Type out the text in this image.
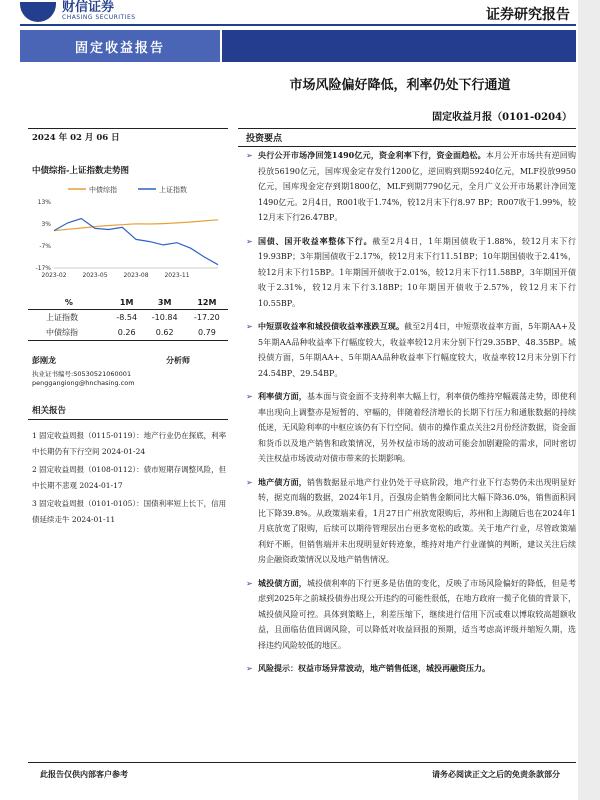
财信证券
CHASING SECURITIES	证券研究报告
固定收益报告
市场风险偏好降低，利率仍处下行通道
固定收益月报（0101-0204）
2024 年 02 月 06 日
中债综指-上证指数走势图
中债综指	上证指数
13%
3%
-7%
-17%
2023-02	2023-05	2023-08	2023-11
%	1M	3M	12M
上证指数	-8.54	-10.84	-17.20
中债综指	0.26	0.62	0.79
彭刚龙	分析师
执业证书编号:S0530521060001
penggangiong@hnchasing.com
相关报告
1 固定收益周报（0115-0119）：地产行业仍在探底，利率中长期仍有下行空间 2024-01-24
2 固定收益周报（0108-0112）：债市短期存调整风险，但中长期不悲观 2024-01-17
3 固定收益周报（0101-0105）：国债利率短上长下，信用债延续走牛 2024-01-11
投资要点
➢ 央行公开市场净回笼1490亿元，资金利率下行，资金面趋松。本月公开市场共有逆回购投放56190亿元，国库现金定存发行1200亿，逆回购到期59240亿元，MLF投放9950亿元，国库现金定存到期1800亿，MLF到期7790亿元，全月广义公开市场累计净回笼1490亿元。2月4日，R001收于1.74%，较12月末下行8.97 BP；R007收于1.99%，较12月末下行26.47BP。
➢ 国债、国开收益率整体下行。截至2月4日，1年期国债收于1.88%，较12月末下行19.93BP；3年期国债收于2.17%，较12月末下行11.51BP；10年期国债收于2.41%，较12月末下行15BP。1年期国开债收于2.01%，较12月末下行11.58BP，3年期国开债收于2.31%，较12月末下行3.18BP；10年期国开债收于2.57%，较12月末下行10.55BP。
➢ 中短票收益率和城投债收益率涨跌互现。截至2月4日，中短票收益率方面，5年期AA+及5年期AA品种收益率下行幅度较大，收益率较12月末分别下行29.35BP、48.35BP。城投债方面，5年期AA+、5年期AA品种收益率下行幅度较大，收益率较12月末分别下行24.54BP、29.54BP。
➢ 利率债方面，基本面与资金面不支持利率大幅上行，利率债仍维持窄幅震荡走势，即使利率出现向上调整亦是短暂的、窄幅的，伴随着经济增长的长期下行压力和通胀数据的持续低迷，无风险利率的中枢应该仍有下行空间。债市的操作重点关注2月份经济数据，资金面和货币以及地产销售和政策情况，另外权益市场的波动可能会加剧避险的需求，同时密切关注权益市场波动对债市带来的长期影响。
➢ 地产债方面，销售数据显示地产行业仍处于寻底阶段，地产行业下行态势仍未出现明显好转，据克而瑞的数据，2024年1月，百强房企销售金额同比大幅下降36.0%，销售面积同比下降39.8%。从政策端来看，1月27日广州放宽限购后，苏州和上海随后也在2024年1月底放宽了限购，后续可以期待管理层出台更多宽松的政策。关于地产行业，尽管政策端利好不断，但销售端并未出现明显好转迹象，维持对地产行业谨慎的判断，建议关注后续房企融资政策情况以及地产销售情况。
➢ 城投债方面，城投债利率的下行更多是估值的变化，反映了市场风险偏好的降低，但是考虑到2025年之前城投债券出现公开违约的可能性很低，在地方政府一揽子化债的背景下，城投债风险可控。具体到策略上，利差压缩下，继续进行信用下沉或难以博取较高超额收益，且面临估值回调风险，可以降低对收益回报的预期，适当考虑高评级并缩短久期，选择违约风险较低的地区。
➢ 风险提示：权益市场异常波动，地产销售低迷，城投再融资压力。
此报告仅供内部客户参考	请务必阅读正文之后的免责条款部分
